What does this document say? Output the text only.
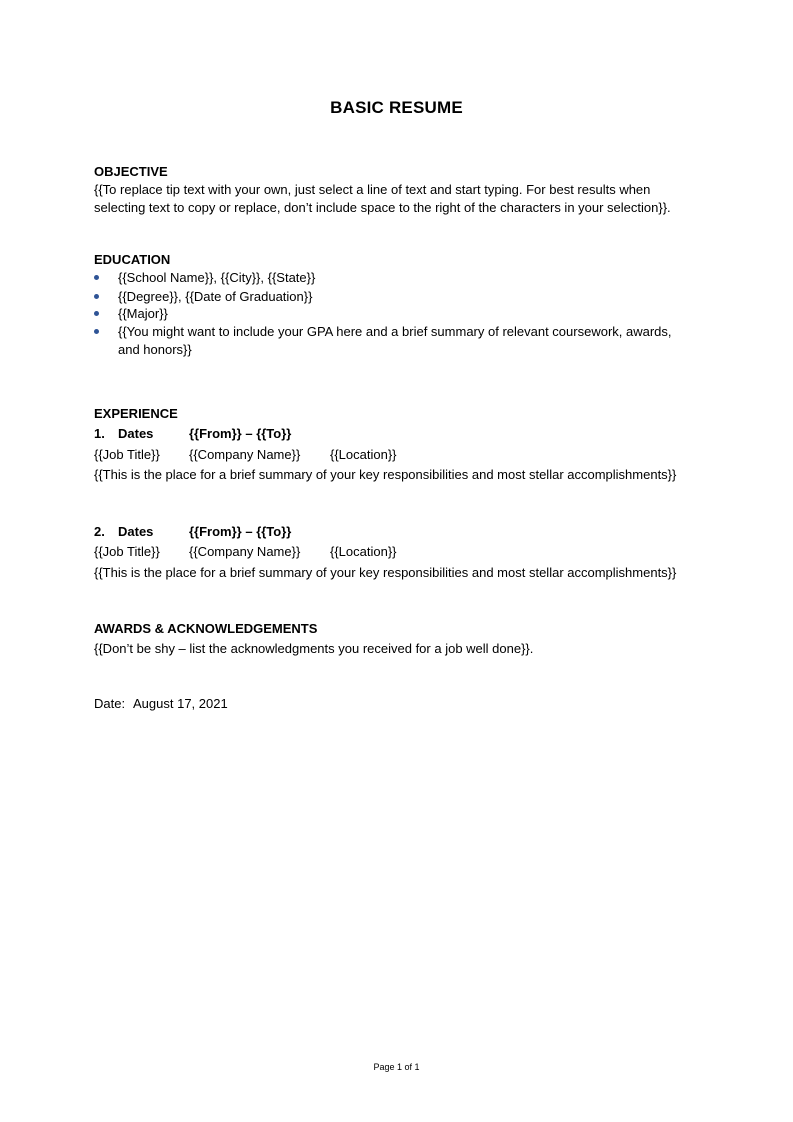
BASIC RESUME
OBJECTIVE
{{To replace tip text with your own, just select a line of text and start typing. For best results when
selecting text to copy or replace, don’t include space to the right of the characters in your selection}}.
EDUCATION
{{School Name}}, {{City}}, {{State}}
{{Degree}}, {{Date of Graduation}}
{{Major}}
{{You might want to include your GPA here and a brief summary of relevant coursework, awards,
and honors}}
EXPERIENCE
1. Dates	{{From}} – {{To}}
{{Job Title}} {{Company Name}} {{Location}}
{{This is the place for a brief summary of your key responsibilities and most stellar accomplishments}}
2. Dates	{{From}} – {{To}}
{{Job Title}} {{Company Name}} {{Location}}
{{This is the place for a brief summary of your key responsibilities and most stellar accomplishments}}
AWARDS & ACKNOWLEDGEMENTS
{{Don’t be shy – list the acknowledgments you received for a job well done}}.
Date: August 17, 2021
Page 1 of 1
